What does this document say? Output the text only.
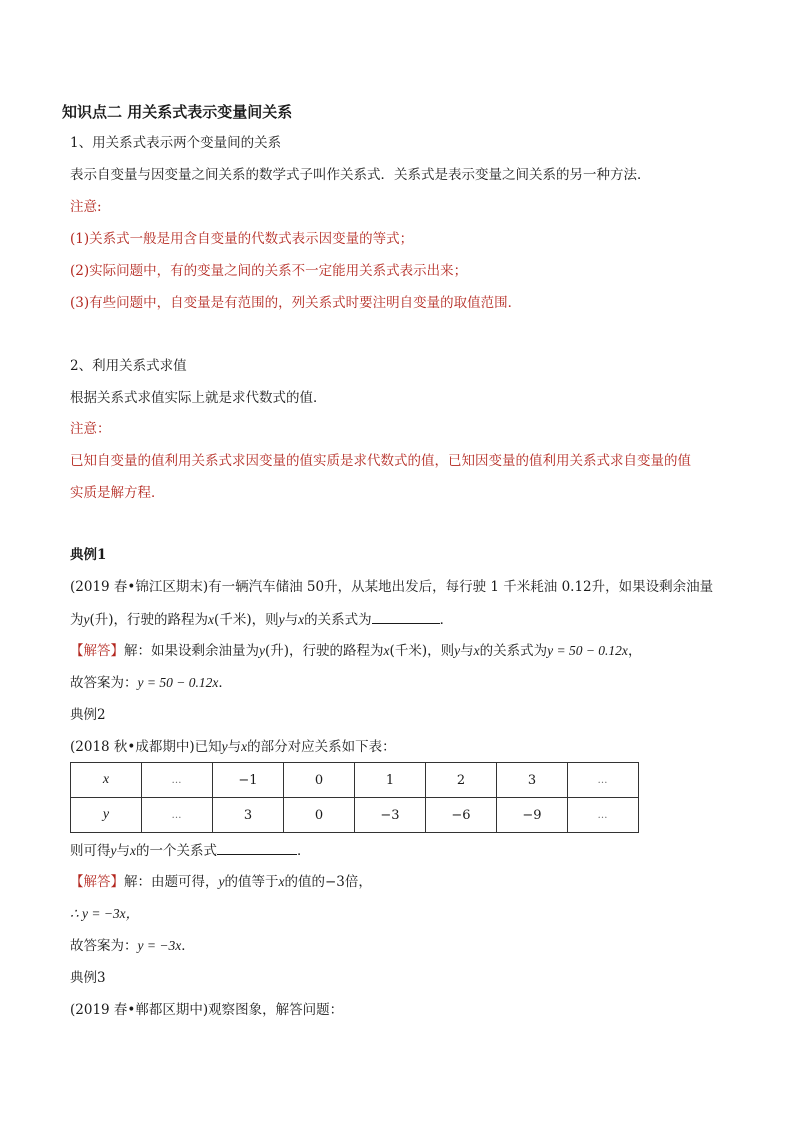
知识点二 用关系式表示变量间关系
1、用关系式表示两个变量间的关系
表示自变量与因变量之间关系的数学式子叫作关系式．关系式是表示变量之间关系的另一种方法．
注意:
(1)关系式一般是用含自变量的代数式表示因变量的等式；
(2)实际问题中，有的变量之间的关系不一定能用关系式表示出来；
(3)有些问题中，自变量是有范围的，列关系式时要注明自变量的取值范围．
2、利用关系式求值
根据关系式求值实际上就是求代数式的值．
注意：
已知自变量的值利用关系式求因变量的值实质是求代数式的值，已知因变量的值利用关系式求自变量的值
实质是解方程．
典例1
(2019 春•锦江区期末)有一辆汽车储油 50升，从某地出发后，每行驶 1 千米耗油 0.12升，如果设剩余油量
为y(升)，行驶的路程为x(千米)，则y与x的关系式为	．
【解答】解：如果设剩余油量为y(升)，行驶的路程为x(千米)，则y与x的关系式为y = 50 − 0.12x，
故答案为：y = 50 − 0.12x．
典例2
(2018 秋•成都期中)已知y与x的部分对应关系如下表：
x	…	−1	0	1	2	3	…
y	…	3	0	−3	−6	−9	…
则可得y与x的一个关系式	．
【解答】解：由题可得，y的值等于x的值的−3倍，
∴ y = −3x，
故答案为：y = −3x．
典例3
(2019 春•郸都区期中)观察图象，解答问题：
